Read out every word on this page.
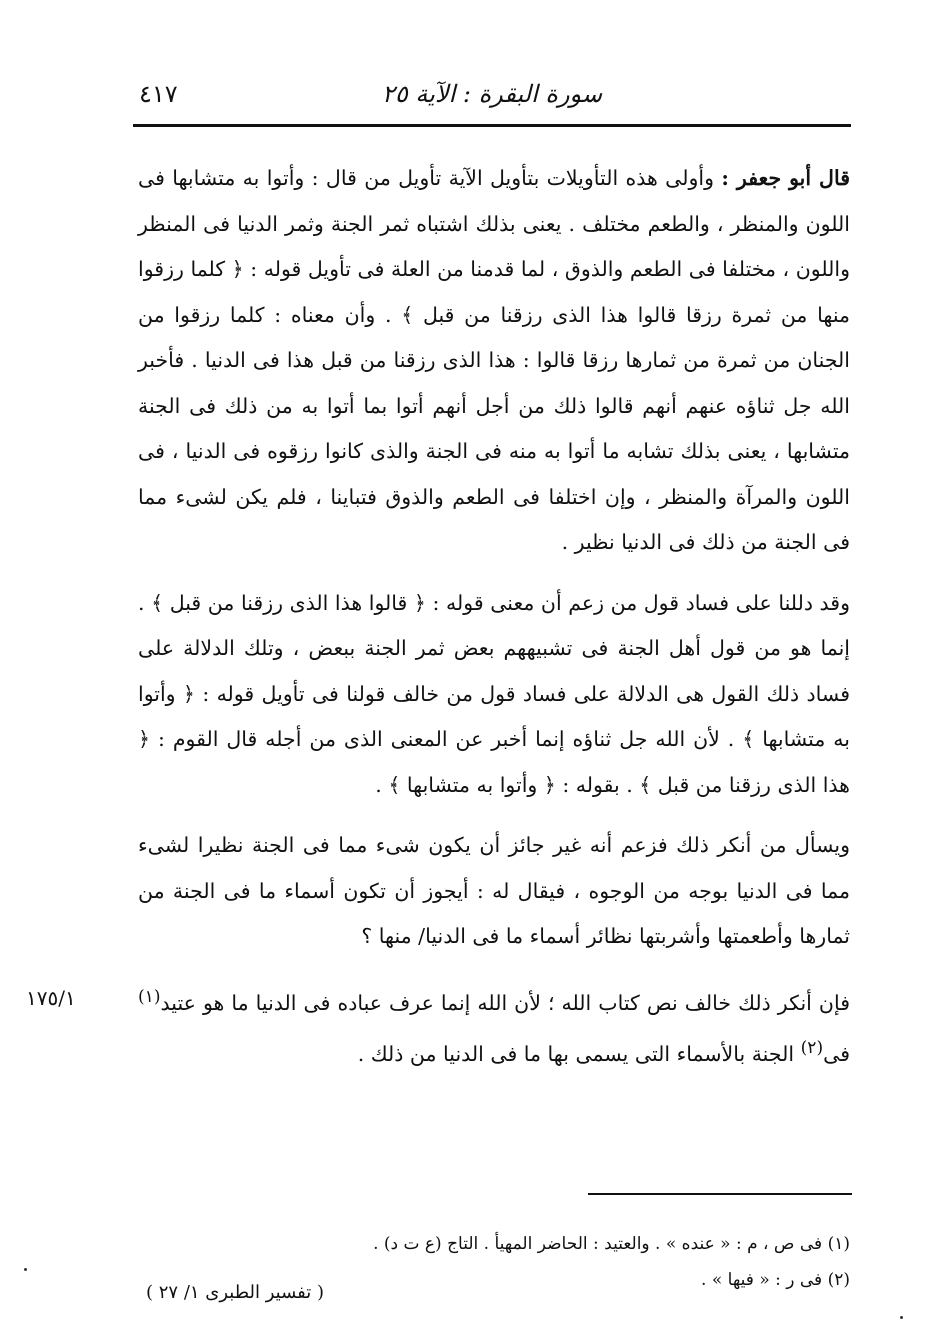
٤١٧	سورة البقرة : الآية ٢٥

قال أبو جعفر : وأولى هذه التأويلات بتأويل الآية تأويل من قال : وأتوا به متشابها فى اللون والمنظر ، والطعم مختلف . يعنى بذلك اشتباه ثمر الجنة وثمر الدنيا فى المنظر واللون ، مختلفا فى الطعم والذوق ، لما قدمنا من العلة فى تأويل قوله : ﴿ كلما رزقوا منها من ثمرة رزقا قالوا هذا الذى رزقنا من قبل ﴾ . وأن معناه : كلما رزقوا من الجنان من ثمرة من ثمارها رزقا قالوا : هذا الذى رزقنا من قبل هذا فى الدنيا . فأخبر الله جل ثناؤه عنهم أنهم قالوا ذلك من أجل أنهم أتوا بما أتوا به من ذلك فى الجنة متشابها ، يعنى بذلك تشابه ما أتوا به منه فى الجنة والذى كانوا رزقوه فى الدنيا ، فى اللون والمرآة والمنظر ، وإن اختلفا فى الطعم والذوق فتباينا ، فلم يكن لشىء مما فى الجنة من ذلك فى الدنيا نظير .

وقد دللنا على فساد قول من زعم أن معنى قوله : ﴿ قالوا هذا الذى رزقنا من قبل ﴾ . إنما هو من قول أهل الجنة فى تشبيههم بعض ثمر الجنة ببعض ، وتلك الدلالة على فساد ذلك القول هى الدلالة على فساد قول من خالف قولنا فى تأويل قوله : ﴿ وأتوا به متشابها ﴾ . لأن الله جل ثناؤه إنما أخبر عن المعنى الذى من أجله قال القوم : ﴿ هذا الذى رزقنا من قبل ﴾ . بقوله : ﴿ وأتوا به متشابها ﴾ .

ويسأل من أنكر ذلك فزعم أنه غير جائز أن يكون شىء مما فى الجنة نظيرا لشىء مما فى الدنيا بوجه من الوجوه ، فيقال له : أيجوز أن تكون أسماء ما فى الجنة من ثمارها وأطعمتها وأشربتها نظائر أسماء ما فى الدنيا/ منها ؟

فإن أنكر ذلك خالف نص كتاب الله ؛ لأن الله إنما عرف عباده فى الدنيا ما هو عتيد$^{(١)}$ فى$^{(٢)}$ الجنة بالأسماء التى يسمى بها ما فى الدنيا من ذلك .

١٧٥/١

(١) فى ص ، م : « عنده » . والعتيد : الحاضر المهيأ . التاج (ع ت د) .

(٢) فى ر : « فيها » .

( تفسير الطبرى ١/ ٢٧ )
